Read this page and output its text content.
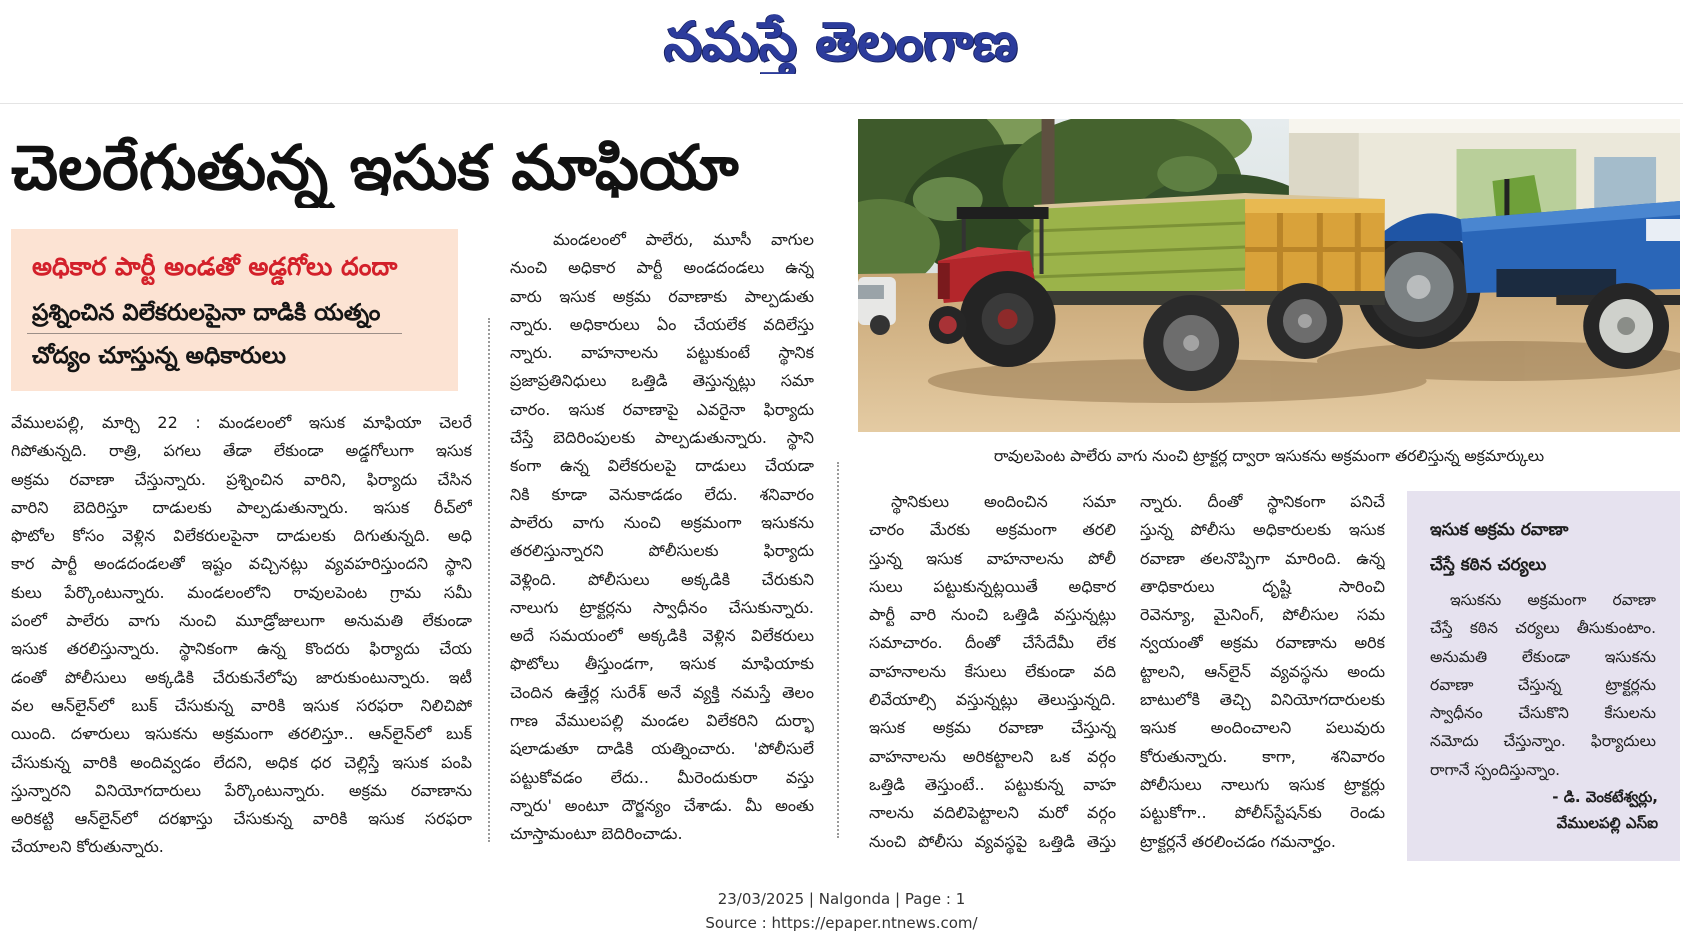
నమస్తే తెలంగాణ
చెలరేగుతున్న ఇసుక మాఫియా
అధికార పార్టీ అండతో అడ్డగోలు దందా
ప్రశ్నించిన విలేకరులపైనా దాడికి యత్నం
చోద్యం చూస్తున్న అధికారులు
వేములపల్లి, మార్చి 22 : మండలంలో ఇసుక మాఫియా చెలరే
గిపోతున్నది. రాత్రి, పగలు తేడా లేకుండా అడ్డగోలుగా ఇసుక
అక్రమ రవాణా చేస్తున్నారు. ప్రశ్నించిన వారిని, ఫిర్యాదు చేసిన
వారిని బెదిరిస్తూ దాడులకు పాల్పడుతున్నారు. ఇసుక రీచ్‌లో
ఫొటోల కోసం వెళ్లిన విలేకరులపైనా దాడులకు దిగుతున్నది. అధి
కార పార్టీ అండదండలతో ఇష్టం వచ్చినట్లు వ్యవహరిస్తుందని స్థాని
కులు పేర్కొంటున్నారు. మండలంలోని రావులపెంట గ్రామ సమీ
పంలో పాలేరు వాగు నుంచి మూడ్రోజులుగా అనుమతి లేకుండా
ఇసుక తరలిస్తున్నారు. స్థానికంగా ఉన్న కొందరు ఫిర్యాదు చేయ
డంతో పోలీసులు అక్కడికి చేరుకునేలోపు జారుకుంటున్నారు. ఇటీ
వల ఆన్‌లైన్‌లో బుక్ చేసుకున్న వారికి ఇసుక సరఫరా నిలిచిపో
యింది. దళారులు ఇసుకను అక్రమంగా తరలిస్తూ.. ఆన్‌లైన్‌లో బుక్
చేసుకున్న వారికి అందివ్వడం లేదని, అధిక ధర చెల్లిస్తే ఇసుక పంపి
స్తున్నారని వినియోగదారులు పేర్కొంటున్నారు. అక్రమ రవాణాను
అరికట్టి ఆన్‌లైన్‌లో దరఖాస్తు చేసుకున్న వారికి ఇసుక సరఫరా
చేయాలని కోరుతున్నారు.
మండలంలో పాలేరు, మూసీ వాగుల
నుంచి అధికార పార్టీ అండదండలు ఉన్న
వారు ఇసుక అక్రమ రవాణాకు పాల్పడుతు
న్నారు. అధికారులు ఏం చేయలేక వదిలేస్తు
న్నారు. వాహనాలను పట్టుకుంటే స్థానిక
ప్రజాప్రతినిధులు ఒత్తిడి తెస్తున్నట్లు సమా
చారం. ఇసుక రవాణాపై ఎవరైనా ఫిర్యాదు
చేస్తే బెదిరింపులకు పాల్పడుతున్నారు. స్థాని
కంగా ఉన్న విలేకరులపై దాడులు చేయడా
నికి కూడా వెనుకాడడం లేదు. శనివారం
పాలేరు వాగు నుంచి అక్రమంగా ఇసుకను
తరలిస్తున్నారని పోలీసులకు ఫిర్యాదు
వెళ్లింది. పోలీసులు అక్కడికి చేరుకుని
నాలుగు ట్రాక్టర్లను స్వాధీనం చేసుకున్నారు.
అదే సమయంలో అక్కడికి వెళ్లిన విలేకరులు
ఫొటోలు తీస్తుండగా, ఇసుక మాఫియాకు
చెందిన ఉత్తేర్ల సురేశ్ అనే వ్యక్తి నమస్తే తెలం
గాణ వేములపల్లి మండల విలేకరిని దుర్భా
షలాడుతూ దాడికి యత్నించారు. 'పోలీసులే
పట్టుకోవడం లేదు.. మీరెందుకురా వస్తు
న్నారు' అంటూ దౌర్జన్యం చేశాడు. మీ అంతు
చూస్తామంటూ బెదిరించాడు.
రావులపెంట పాలేరు వాగు నుంచి ట్రాక్టర్ల ద్వారా ఇసుకను అక్రమంగా తరలిస్తున్న అక్రమార్కులు
స్థానికులు అందించిన సమా
చారం మేరకు అక్రమంగా తరలి
స్తున్న ఇసుక వాహనాలను పోలీ
సులు పట్టుకున్నట్లయితే అధికార
పార్టీ వారి నుంచి ఒత్తిడి వస్తున్నట్లు
సమాచారం. దీంతో చేసేదేమీ లేక
వాహనాలను కేసులు లేకుండా వది
లివేయాల్సి వస్తున్నట్లు తెలుస్తున్నది.
ఇసుక అక్రమ రవాణా చేస్తున్న
వాహనాలను అరికట్టాలని ఒక వర్గం
ఒత్తిడి తెస్తుంటే.. పట్టుకున్న వాహ
నాలను వదిలిపెట్టాలని మరో వర్గం
నుంచి పోలీసు వ్యవస్థపై ఒత్తిడి తెస్తు
న్నారు. దీంతో స్థానికంగా పనిచే
స్తున్న పోలీసు అధికారులకు ఇసుక
రవాణా తలనొప్పిగా మారింది. ఉన్న
తాధికారులు దృష్టి సారించి
రెవెన్యూ, మైనింగ్, పోలీసుల సమ
న్వయంతో అక్రమ రవాణాను అరిక
ట్టాలని, ఆన్‌లైన్ వ్యవస్థను అందు
బాటులోకి తెచ్చి వినియోగదారులకు
ఇసుక అందించాలని పలువురు
కోరుతున్నారు. కాగా, శనివారం
పోలీసులు నాలుగు ఇసుక ట్రాక్టర్లు
పట్టుకోగా.. పోలీస్‌స్టేషన్‌కు రెండు
ట్రాక్టర్లనే తరలించడం గమనార్హం.
ఇసుక అక్రమ రవాణా
చేస్తే కఠిన చర్యలు
ఇసుకను అక్రమంగా రవాణా
చేస్తే కఠిన చర్యలు తీసుకుంటాం.
అనుమతి లేకుండా ఇసుకను
రవాణా చేస్తున్న ట్రాక్టర్లను
స్వాధీనం చేసుకొని కేసులను
నమోదు చేస్తున్నాం. ఫిర్యాదులు
రాగానే స్పందిస్తున్నాం.
- డి. వెంకటేశ్వర్లు,
వేములపల్లి ఎస్ఐ
23/03/2025 | Nalgonda | Page : 1
Source : https://epaper.ntnews.com/
